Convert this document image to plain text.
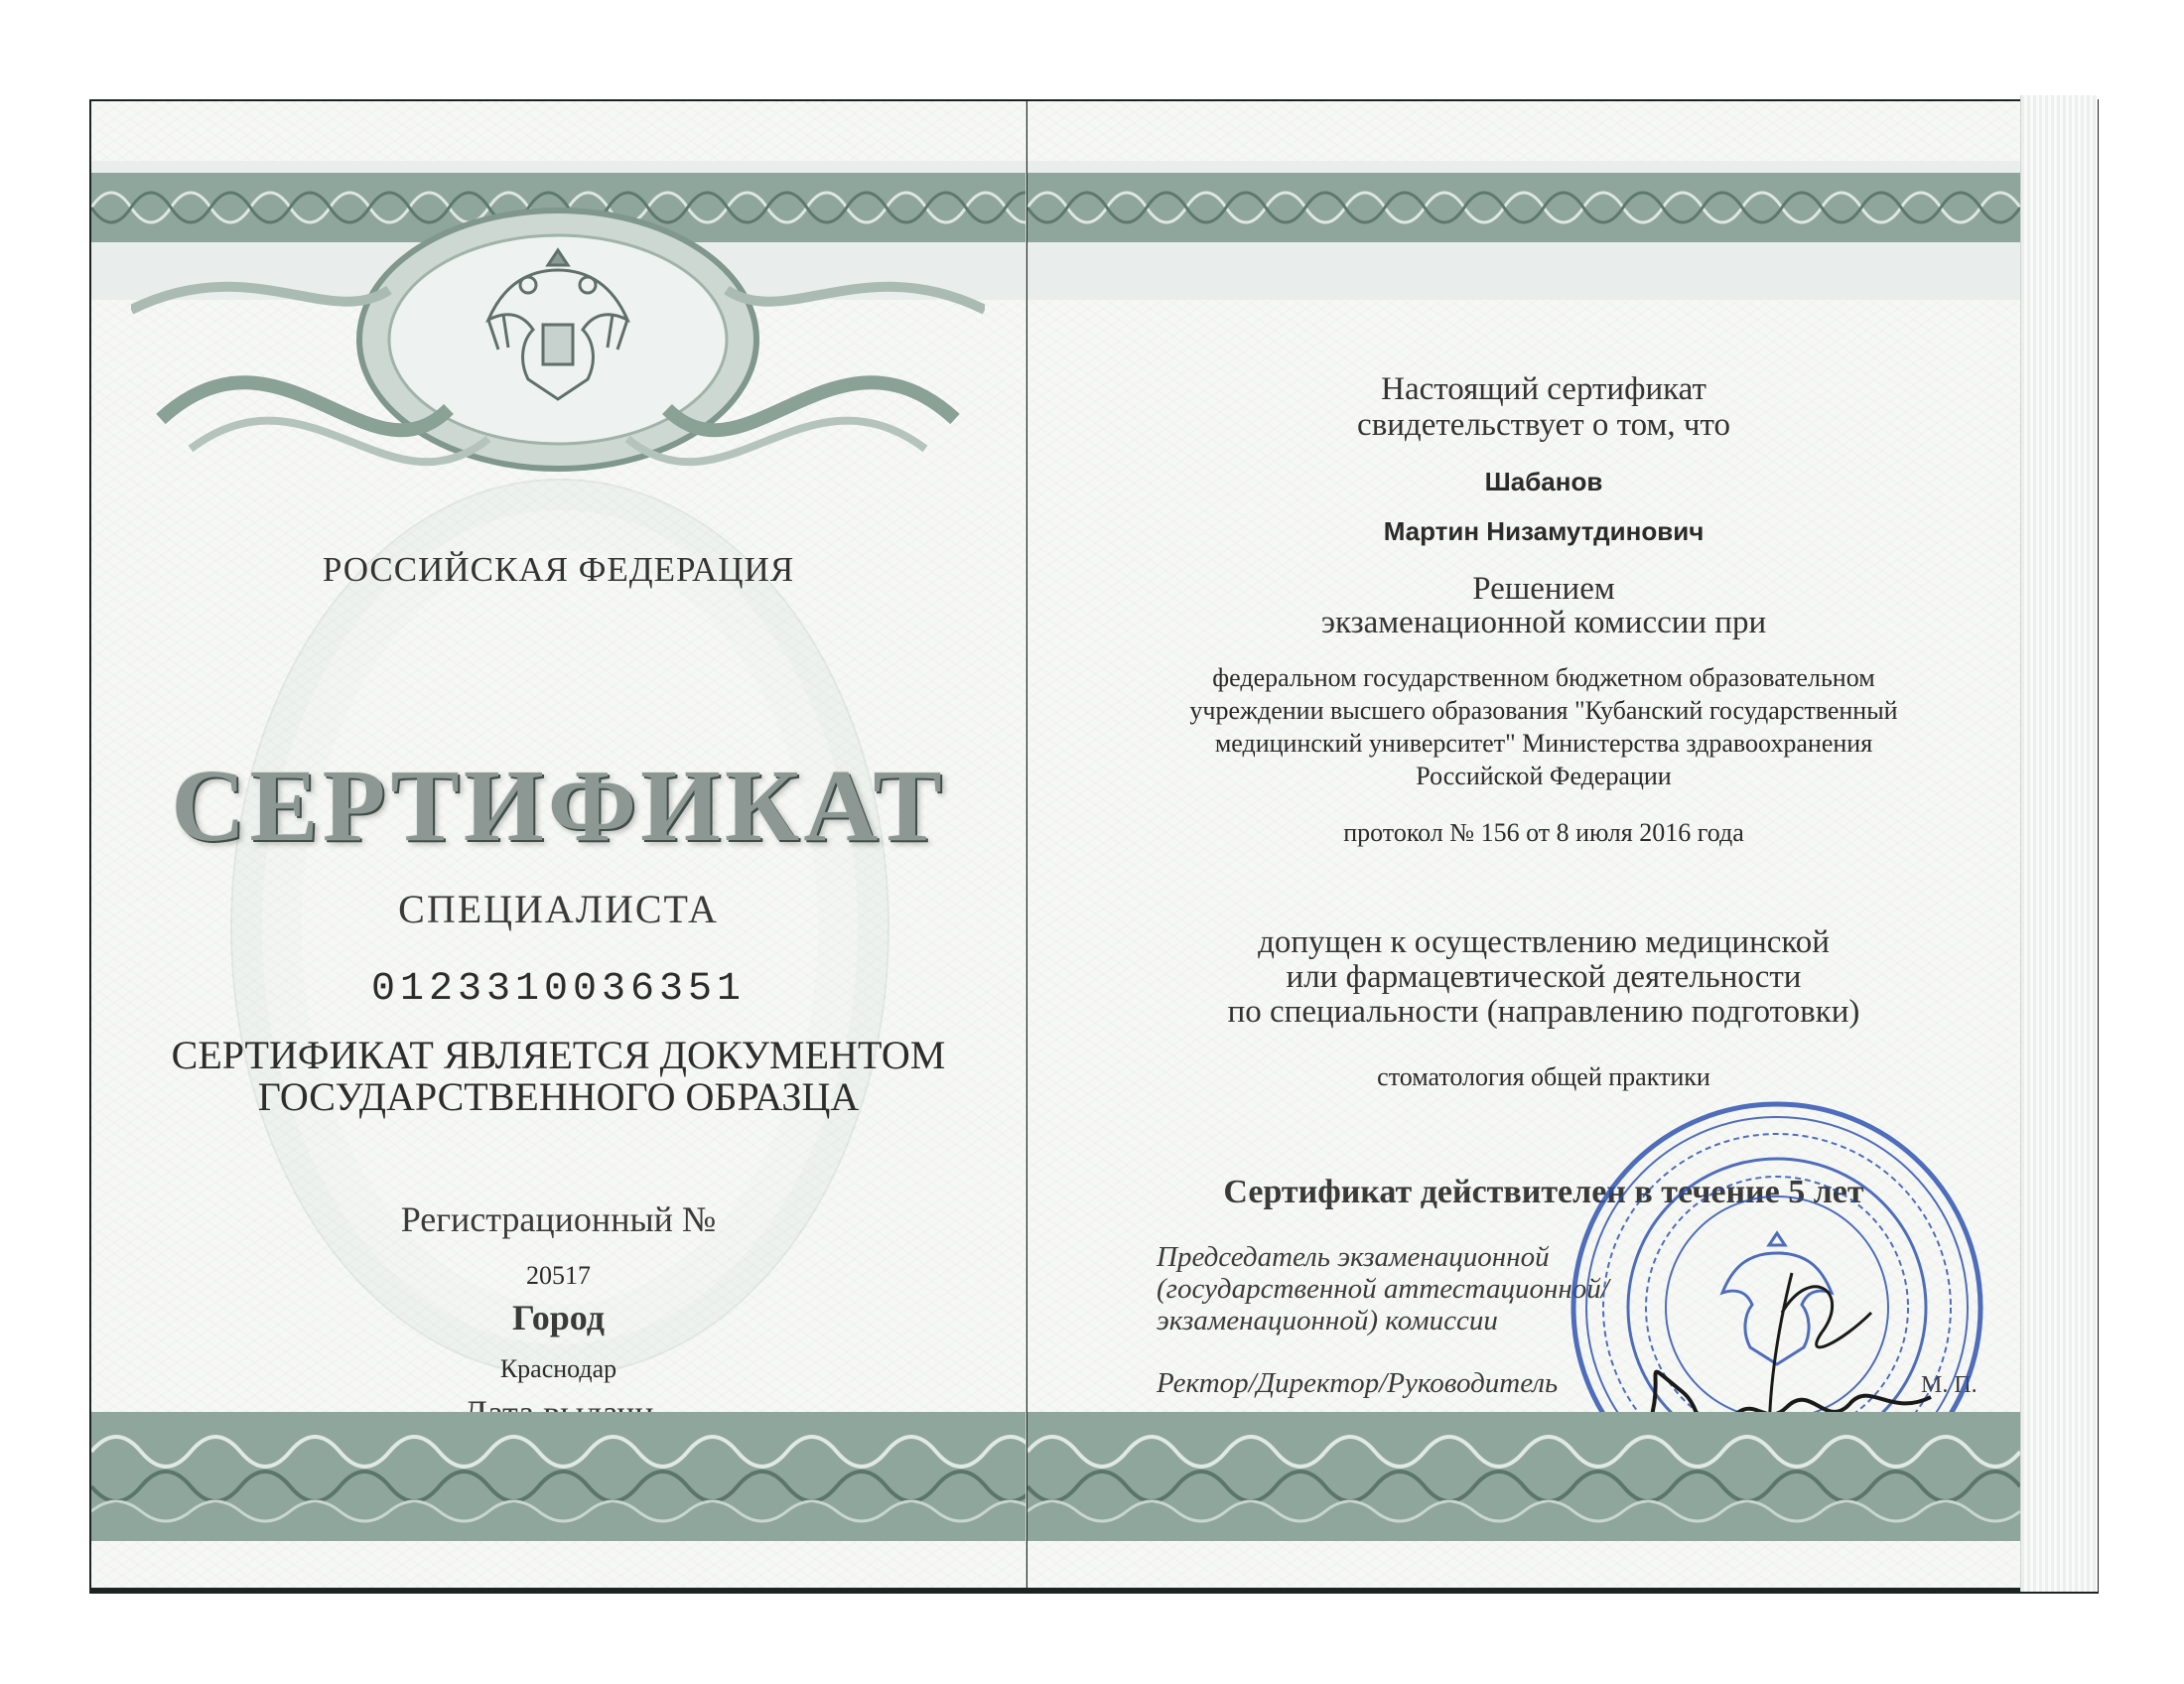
РОССИЙСКАЯ ФЕДЕРАЦИЯ
СЕРТИФИКАТ
СПЕЦИАЛИСТА
0123310036351
СЕРТИФИКАТ ЯВЛЯЕТСЯ ДОКУМЕНТОМ
ГОСУДАРСТВЕННОГО ОБРАЗЦА
Регистрационный №
20517
Город
Краснодар
Настоящий сертификат
свидетельствует о том, что
Шабанов
Мартин Низамутдинович
Решением
экзаменационной комиссии при
федеральном государственном бюджетном образовательном учреждении высшего образования "Кубанский государственный медицинский университет" Министерства здравоохранения Российской Федерации
протокол № 156 от 8 июля 2016 года
допущен к осуществлению медицинской
или фармацевтической деятельности
по специальности (направлению подготовки)
стоматология общей практики
Сертификат действителен в течение 5 лет
Председатель экзаменационной
(государственной аттестационной/
экзаменационной) комиссии
Ректор/Директор/Руководитель	М. П.
